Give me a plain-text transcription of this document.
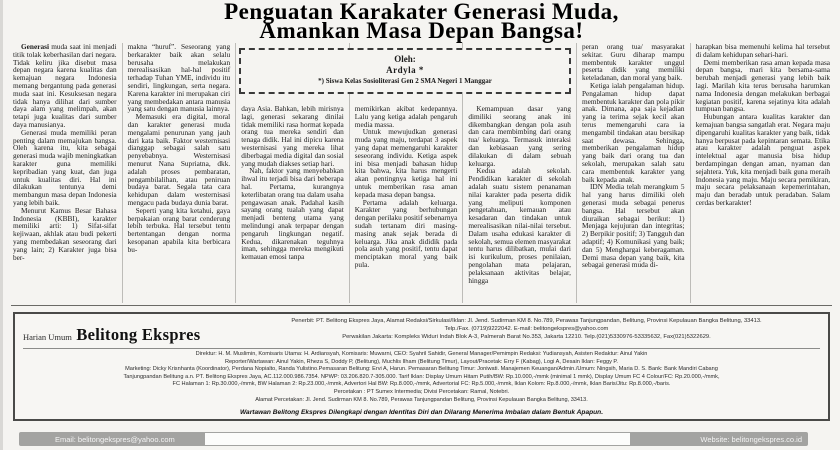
Penguatan Karakater Generasi Muda,
Amankan Masa Depan Bangsa!
Oleh:
Ardyla *
*) Siswa Kelas Sosioliterasi Gen 2 SMA Negeri 1 Manggar

Generasi muda saat ini menjadi titik tolak keberhasilan dari negara. Tidak keliru jika disebut masa depan negara karena kualitas dan kemajuan negara Indonesia memang bergantung pada generasi muda saat ini. Kesuksesan negara tidak hanya dilihat dari sumber daya alam yang melimpah, akan tetapi juga kualitas dari sumber daya manusianya.

Generasi muda memiliki peran penting dalam memajukan bangsa. Oleh karena itu, kita sebagai generasi muda wajib meningkatkan karakter guna memiliki kepribadian yang kuat, dan juga untuk kualitas diri. Hal ini dilakukan tentunya demi membangun masa depan Indonesia yang lebih baik.

Menurut Kamus Besar Bahasa Indonesia (KBBI), karakter memiliki arti: 1) Sifat-sifat kejiwaan, akhlak atau budi pekerti yang membedakan seseorang dari yang lain; 2) Karakter juga bisa ber-

makna “huruf”. Seseorang yang berkarakter baik akan selalu berusaha melakukan merealisasikan hal-hal positif terhadap Tuhan YME, individu itu sendiri, lingkungan, serta negara. Karena karakter ini merupakan ciri yang membedakan antara manusia yang satu dengan manusia lainnya.

Memasuki era digital, moral dan karakter generasi muda mengalami penurunan yang jauh dari kata baik. Faktor westernisasi dianggap sebagai salah satu penyebabnya. Westernisasi menurut Nana Supriatna, dkk. adalah proses pembaratan, pengambilalihan, atau peniruan budaya barat. Segala tata cara kehidupan dalam westernisasi mengacu pada budaya dunia barat.

Seperti yang kita ketahui, gaya berpakaian orang barat cenderung lebih terbuka. Hal tersebut tentu bertentangan dengan norma kesopanan apabila kita berbicara bu-

daya Asia. Bahkan, lebih mirisnya lagi, generasi sekarang dinilai tidak memiliki rasa hormat kepada orang tua mereka sendiri dan tenaga didik. Hal ini dipicu karena westernisasi yang mereka lihat diberbagai media digital dan sosial yang mudah diakses setiap hari.

Nah, faktor yang menyebabkan ihwal itu terjadi bisa dari beberapa hal. Pertama, kurangnya keterlibatan orang tua dalam usaha pengawasan anak. Padahal kasih sayang orang tualah yang dapat menjadi benteng utama yang melindungi anak terpapar dengan pengaruh lingkungan negatif. Kedua, dikarenakan teguhnya iman, sehingga mereka mengikuti kemauan emosi tanpa

memikirkan akibat kedepannya. Lalu yang ketiga adalah pengaruh media massa.

Untuk mewujudkan generasi muda yang maju, terdapat 3 aspek yang dapat memengaruhi karakter seseorang individu. Ketiga aspek ini bisa menjadi bahasan hidup kita bahwa, kita harus mengerti akan pentingnya ketiga hal ini untuk memberikan rasa aman kepada masa depan bangsa.

Pertama adalah keluarga. Karakter yang berhubungan dengan perilaku positif sebenarnya sudah tertanam diri masing-masing anak sejak berada di keluarga. Jika anak dididik pada pola asuh yang positif, tentu dapat menciptakan moral yang baik pula.

Kemampuan dasar yang dimiliki seorang anak ini dikembangkan dengan pola asuh dan cara membimbing dari orang tua/ keluarga. Termasuk interaksi dan kebiasaan yang sering dilakukan di dalam sebuah keluarga.

Kedua adalah sekolah. Pendidikan karakter di sekolah adalah suatu sistem penanaman nilai karakter pada peserta didik yang meliputi komponen pengetahuan, kemauan atau kesadaran dan tindakan untuk merealisasikan nilai-nilai tersebut. Dalam usaha edukasi karakter di sekolah, semua elemen masyarakat tentu harus dilibatkan, mulai dari isi kurikulum, proses penilaian, pengolahan mata pelajaran, pelaksanaan aktivitas belajar, hingga

peran orang tua/ masyarakat sekitar. Guru diharap mampu membentuk karakter unggul peserta didik yang memiliki keteladanan, dan moral yang baik.

Ketiga ialah pengalaman hidup. Pengalaman hidup dapat membentuk karakter dan pola pikir anak. Dimana, apa saja kejadian yang ia terima sejak kecil akan terus memengaruhi cara ia mengambil tindakan atau bersikap saat dewasa. Sehingga, memberikan pengalaman hidup yang baik dari orang tua dan sekolah, merupakan salah satu cara membentuk karakter yang baik kepada anak.

IDN Media telah merangkum 5 hal yang harus dimiliki oleh generasi muda sebagai penerus bangsa. Hal tersebut akan diuraikan sebagai berikut: 1) Menjaga kejujuran dan integritas; 2) Berpikir positif; 3) Tangguh dan adaptif; 4) Komunikasi yang baik; dan 5) Menghargai keberagaman. Demi masa depan yang baik, kita sebagai generasi muda di-

harapkan bisa memenuhi kelima hal tersebut di dalam kehidupan sehari-hari.

Demi memberikan rasa aman kepada masa depan bangsa, mari kita bersama-sama berubah menjadi generasi yang lebih baik lagi. Marilah kita terus berusaha harumkan nama Indonesia dengan melakukan berbagai kegiatan positif, karena sejatinya kita adalah tumpuan bangsa.

Hubungan antara kualitas karakter dan kemajuan bangsa sangatlah erat. Negara maju dipengaruhi kualitas karakter yang baik, tidak hanya berpusat pada kepintaran semata. Etika atau karakter adalah penguat aspek intelektual agar manusia bisa hidup berdampingan dengan aman, nyaman dan sejahtera. Yuk, kita menjadi baik guna meraih Indonesia yang maju. Maju secara pemikiran, maju secara pelaksanaan kepemerintahan, maju dan beradab untuk peradaban. Salam cerdas berkarakter!

Harian Umum Belitong Ekspres
Penerbit: PT. Belitong Ekspres Jaya, Alamat Redaksi/Sirkulasi/Iklan: Jl. Jend. Sudirman KM 8. No.789, Perawas Tanjungpandan, Belitung, Provinsi Kepulauan Bangka Belitung, 33413.
Telp./Fax. (0719)9222042. E-mail: belitongekspres@yahoo.com
Perwakilan Jakarta: Kompleks Widuri Indah Blok A-3, Palmerah Barat No.353, Jakarta 12210. Telp.(021)5330976-53335632, Fax(021)5322629.
Direktur: H. M. Muslimin, Komisaris Utama: H. Ardiansyah, Komisaris: Muwarni, CEO: Syahril Sahidir, General Manager/Pemimpin Redaksi: Yudiansyah, Asisten Redaktur: Ainul Yakin
Reporter/Wartawan: Ainul Yakin, Rheza S, Doddy P, (Belitung), Muchlis Ilham (Belitung Timur), Layout/Pracetak: Erry F (Kabag), Logi A, Desain Iklan: Feggy P.
Marketing: Dicky Krisnhanta (Koordinator), Perdana Nopialto, Randa Yulistino.Pemasaran Belitung: Ervi A, Harun. Pemasaran Belitung Timur: Joniwati. Manajemen Keuangan/Admin./Umum: Ningsih, Maria D. S. Bank: Bank Mandiri Cabang
Tanjungpandan Belitung a.n. PT. Belitong Ekspres Jaya, AC.112.000.986.7354. NPWP: 03.206.820.7-305.000. Tarif Iklan: Display Umum Hitam Putih/BW: Rp.10.000,-/mmk (minimal 1 mmk), Display Umum FC 4 Colour/FC: Rp.20.000,-/mmk,
FC Halaman 1: Rp.30.000,-/mmk, BW Halaman 2: Rp.23.000,-/mmk, Advertori Hal BW: Rp.8.000,-/mmk, Advertorial FC: Rp.5.000,-/mmk, Iklan Kolom: Rp.8.000,-/mmk, Iklan Baris/Jitu: Rp.8.000,-/baris.
Percetakan : PT Sumex Intermedia; Divisi Percetakan: Ramal, Notebri.
Alamat Percetakan: Jl. Jend. Sudirman KM 8. No.789, Perawas Tanjungpandan Belitung, Provinsi Kepulauan Bangka Belitung, 33413.
Wartawan Belitong Ekspres Dilengkapi dengan Identitas Diri dan Dilarang Menerima Imbalan dalam Bentuk Apapun.
Email: belitongekspres@yahoo.com	Website: belitongekspres.co.id
